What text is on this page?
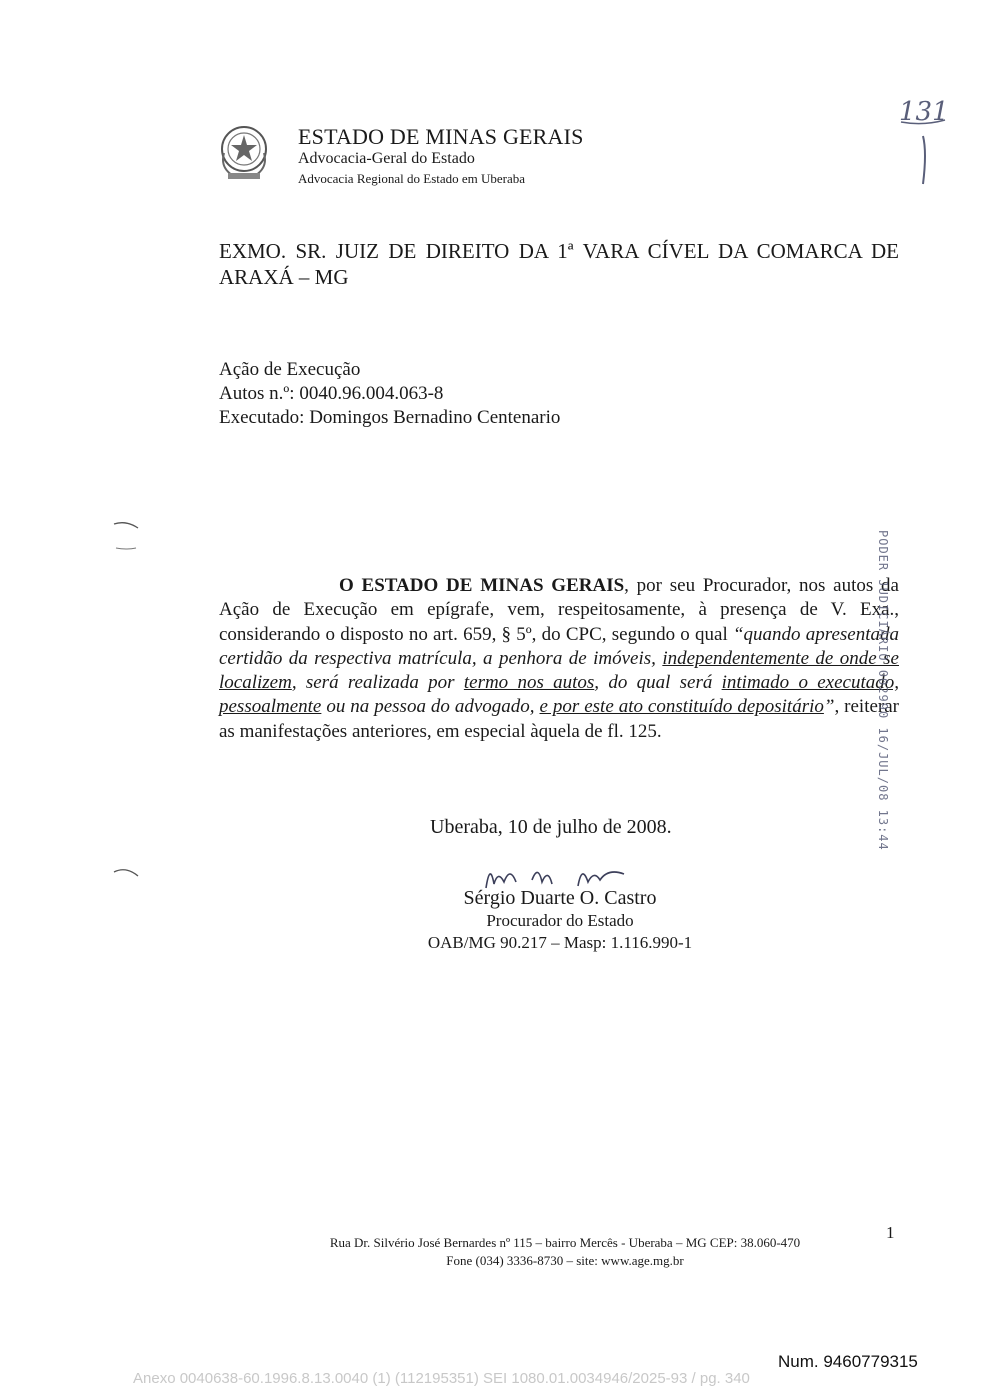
ESTADO DE MINAS GERAIS
Advocacia-Geral do Estado
Advocacia Regional do Estado em Uberaba
131
EXMO. SR. JUIZ DE DIREITO DA 1ª VARA CÍVEL DA COMARCA DE ARAXÁ – MG
Ação de Execução
Autos n.º: 0040.96.004.063-8
Executado: Domingos Bernadino Centenario
O ESTADO DE MINAS GERAIS, por seu Procurador, nos autos da Ação de Execução em epígrafe, vem, respeitosamente, à presença de V. Exa., considerando o disposto no art. 659, § 5º, do CPC, segundo o qual “quando apresentada certidão da respectiva matrícula, a penhora de imóveis, independentemente de onde se localizem, será realizada por termo nos autos, do qual será intimado o executado, pessoalmente ou na pessoa do advogado, e por este ato constituído depositário”, reiterar as manifestações anteriores, em especial àquela de fl. 125.	PODER JUDICIÁRIO 002990 16/JUL/08 13:44
Uberaba, 10 de julho de 2008.
Sérgio Duarte O. Castro
Procurador do Estado
OAB/MG 90.217 – Masp: 1.116.990-1
1
Rua Dr. Silvério José Bernardes nº 115 – bairro Mercês - Uberaba – MG CEP: 38.060-470
Fone (034) 3336-8730 – site: www.age.mg.br
Num. 9460779315
Anexo 0040638-60.1996.8.13.0040 (1) (112195351) SEI 1080.01.0034946/2025-93 / pg. 340
